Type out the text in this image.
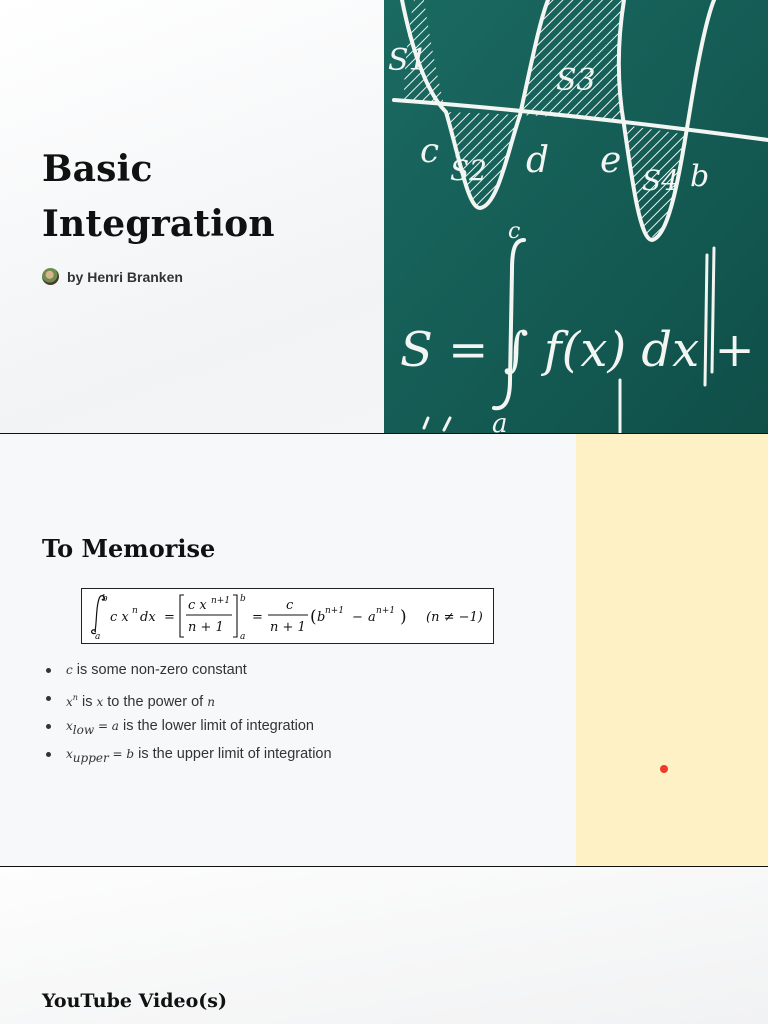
Basic
Integration
by Henri Branken
S1
S2
S3
S4
c d e b
c
a
S = ∫ f(x) dx +
To Memorise
b
a
c x n dx =
c x n+1
n + 1
b
a
=
c
n + 1
( b n+1 − a n+1 ) (n ≠ −1)
c is some non-zero constant
$x^n$ is x to the power of n
$x_{low} = a$ is the lower limit of integration
$x_{upper} = b$ is the upper limit of integration
YouTube Video(s)
